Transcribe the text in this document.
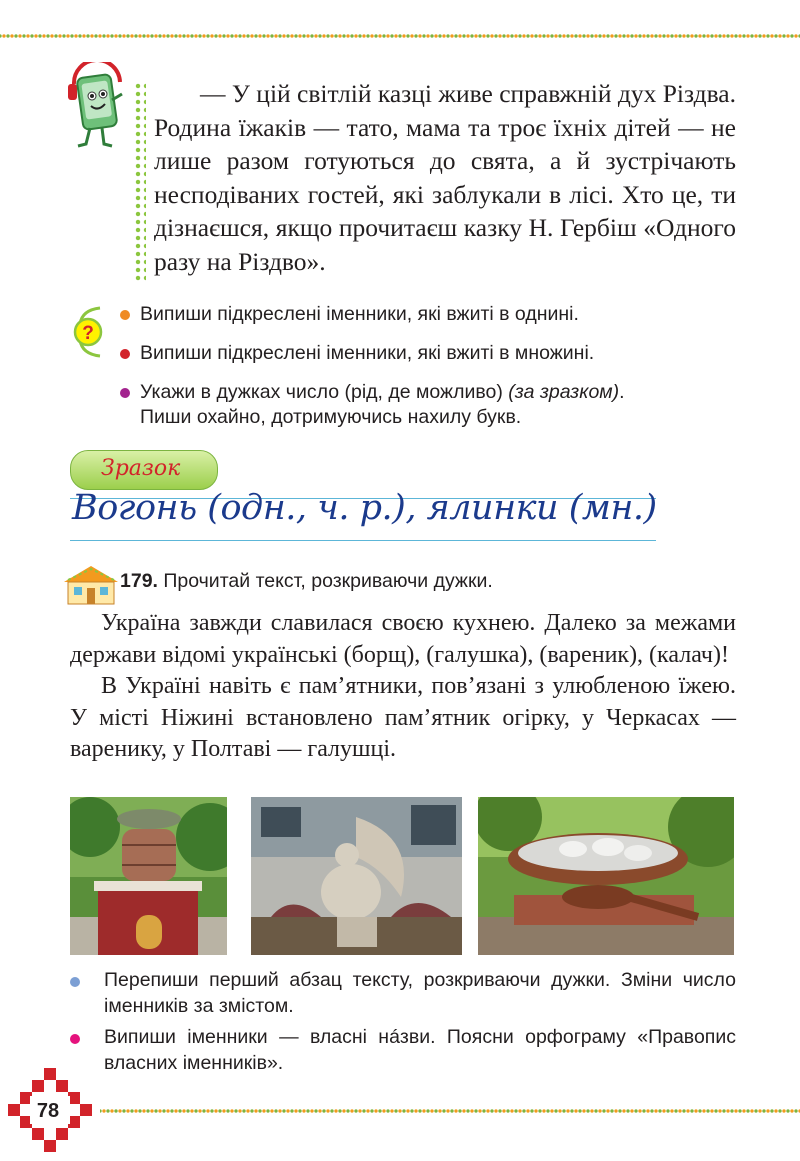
— У цій світлій казці живе справжній дух Різдва. Родина їжаків — тато, мама та троє їхніх дітей — не лише разом готуються до свята, а й зустрічають несподіваних гостей, які заблукали в лісі. Хто це, ти дізнаєшся, якщо прочитаєш казку Н. Гербіш «Одного разу на Різдво».

?
Випиши підкреслені іменники, які вжиті в однині.
Випиши підкреслені іменники, які вжиті в множині.
Укажи в дужках число (рід, де можливо) (за зразком).
Пиши охайно, дотримуючись нахилу букв.
Зразок
Вогонь (одн., ч. р.), ялинки (мн.)
179. Прочитай текст, розкриваючи дужки.

Україна завжди славилася своєю кухнею. Далеко за межами держави відомі українські (борщ), (галушка), (вареник), (калач)!

В Україні навіть є пам’ятники, пов’язані з улюбленою їжею. У місті Ніжині встановлено пам’ятник огірку, у Черкасах — варенику, у Полтаві — галушці.

Перепиши перший абзац тексту, розкриваючи дужки. Зміни число іменників за змістом.

Випиши іменники — власні нáзви. Поясни орфограму «Правопис власних іменників».

78
